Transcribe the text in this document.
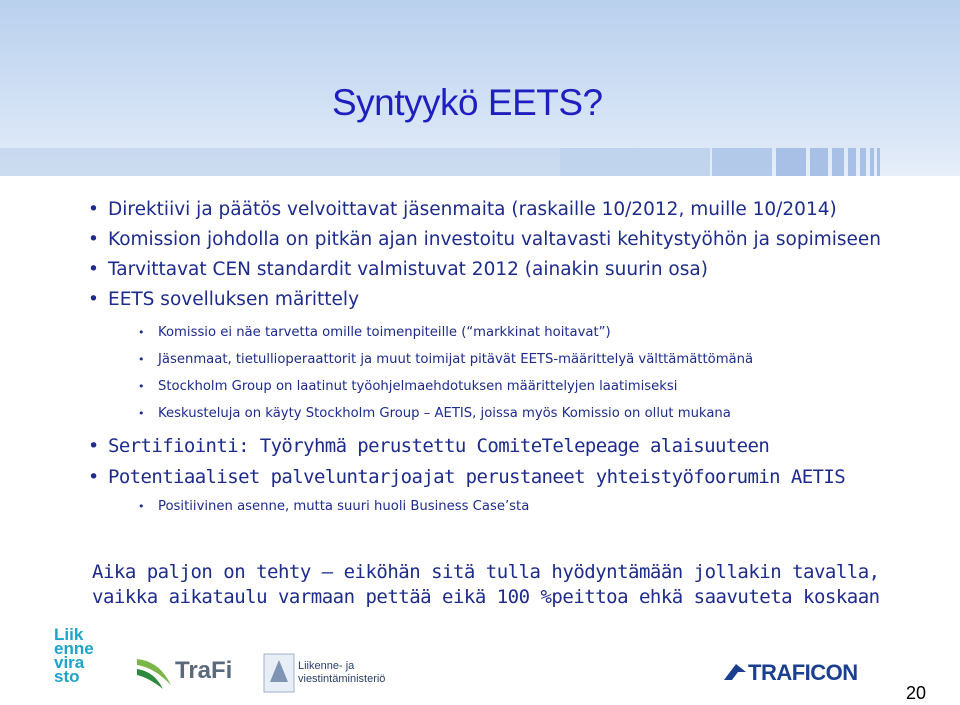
Syntyykö EETS?
• Direktiivi ja päätös velvoittavat jäsenmaita (raskaille 10/2012, muille 10/2014)
• Komission johdolla on pitkän ajan investoitu valtavasti kehitystyöhön ja sopimiseen
• Tarvittavat CEN standardit valmistuvat 2012 (ainakin suurin osa)
• EETS sovelluksen märittely
• Komissio ei näe tarvetta omille toimenpiteille (“markkinat hoitavat”)
• Jäsenmaat, tietullioperaattorit ja muut toimijat pitävät EETS-määrittelyä välttämättömänä
• Stockholm Group on laatinut työohjelmaehdotuksen määrittelyjen laatimiseksi
• Keskusteluja on käyty Stockholm Group – AETIS, joissa myös Komissio on ollut mukana
• Sertifiointi: Työryhmä perustettu ComiteTelepeage alaisuuteen
• Potentiaaliset palveluntarjoajat perustaneet yhteistyöfoorumin AETIS
• Positiivinen asenne, mutta suuri huoli Business Case’sta
Aika paljon on tehty – eiköhän sitä tulla hyödyntämään jollakin tavalla,
vaikka aikataulu varmaan pettää eikä 100 %peittoa ehkä saavuteta koskaan
Liik
enne
vira
sto	TraFi	Liikenne- ja
viestintäministeriö	TRAFICON
20
